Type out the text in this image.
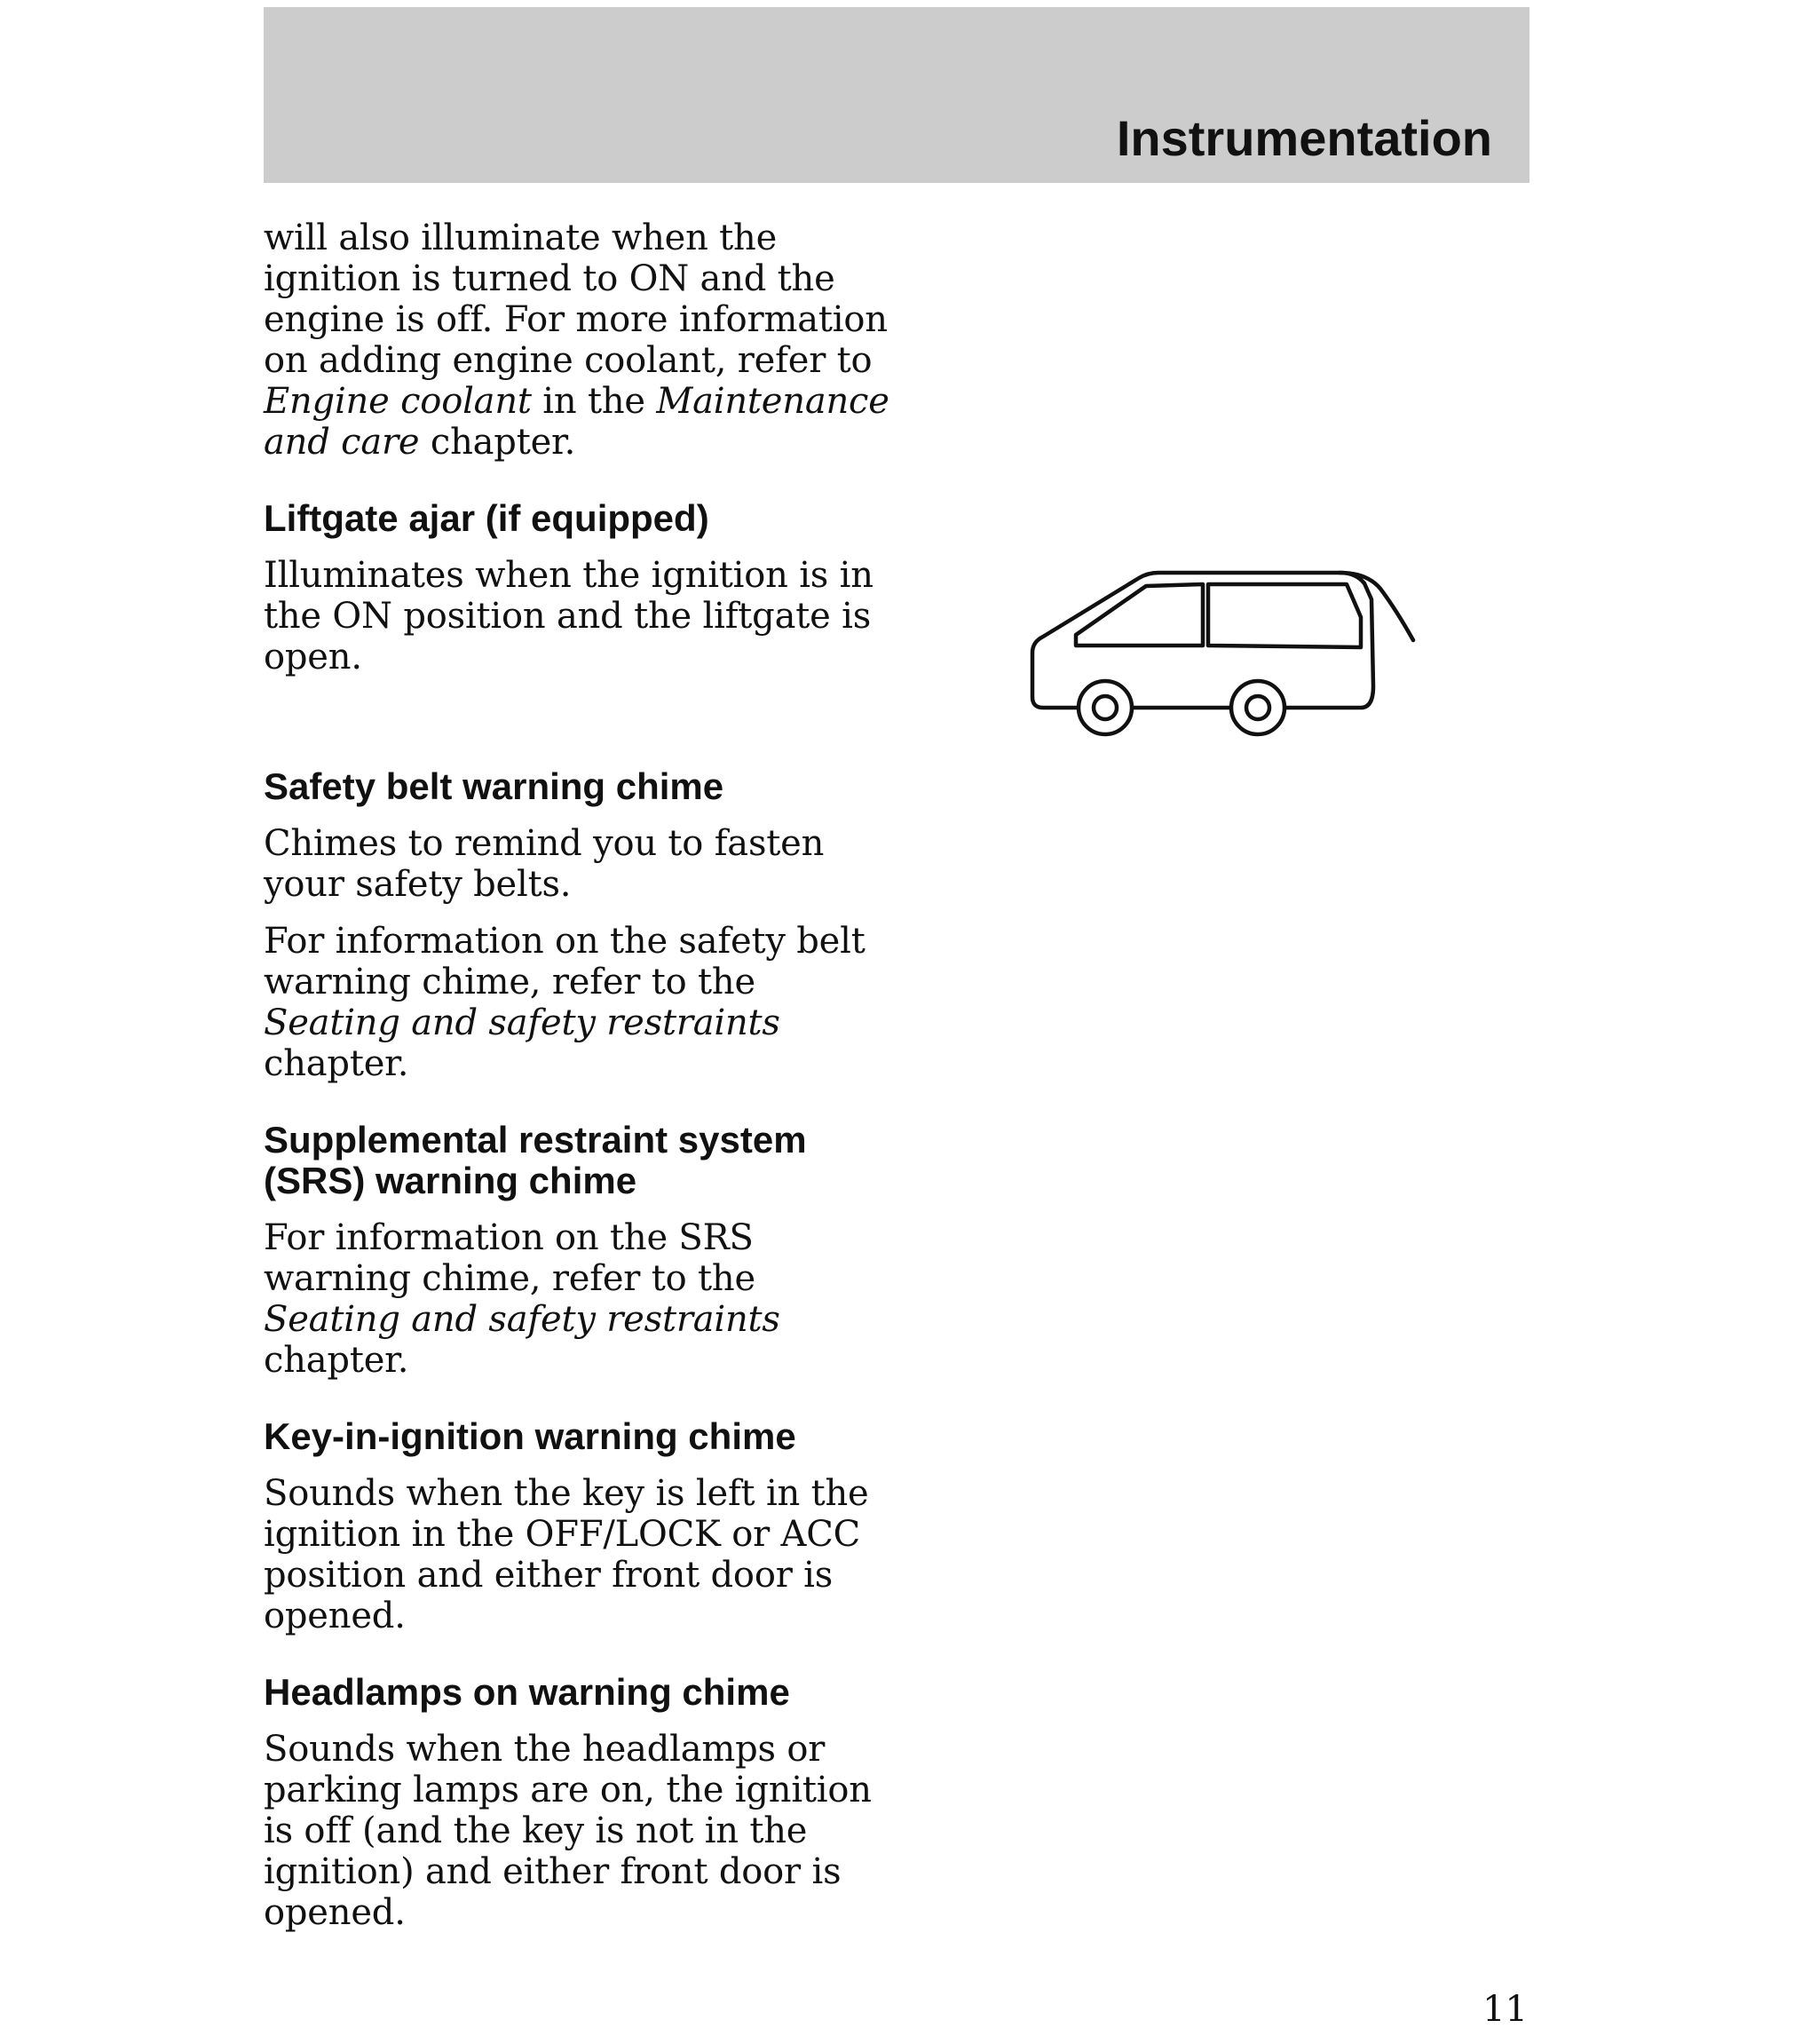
Instrumentation

will also illuminate when the ignition is turned to ON and the engine is off. For more information on adding engine coolant, refer to Engine coolant in the Maintenance and care chapter.

Liftgate ajar (if equipped)

Illuminates when the ignition is in the ON position and the liftgate is open.

Safety belt warning chime

Chimes to remind you to fasten your safety belts.

For information on the safety belt warning chime, refer to the Seating and safety restraints chapter.

Supplemental restraint system (SRS) warning chime

For information on the SRS warning chime, refer to the Seating and safety restraints chapter.

Key-in-ignition warning chime

Sounds when the key is left in the ignition in the OFF/LOCK or ACC position and either front door is opened.

Headlamps on warning chime

Sounds when the headlamps or parking lamps are on, the ignition is off (and the key is not in the ignition) and either front door is opened.

11
